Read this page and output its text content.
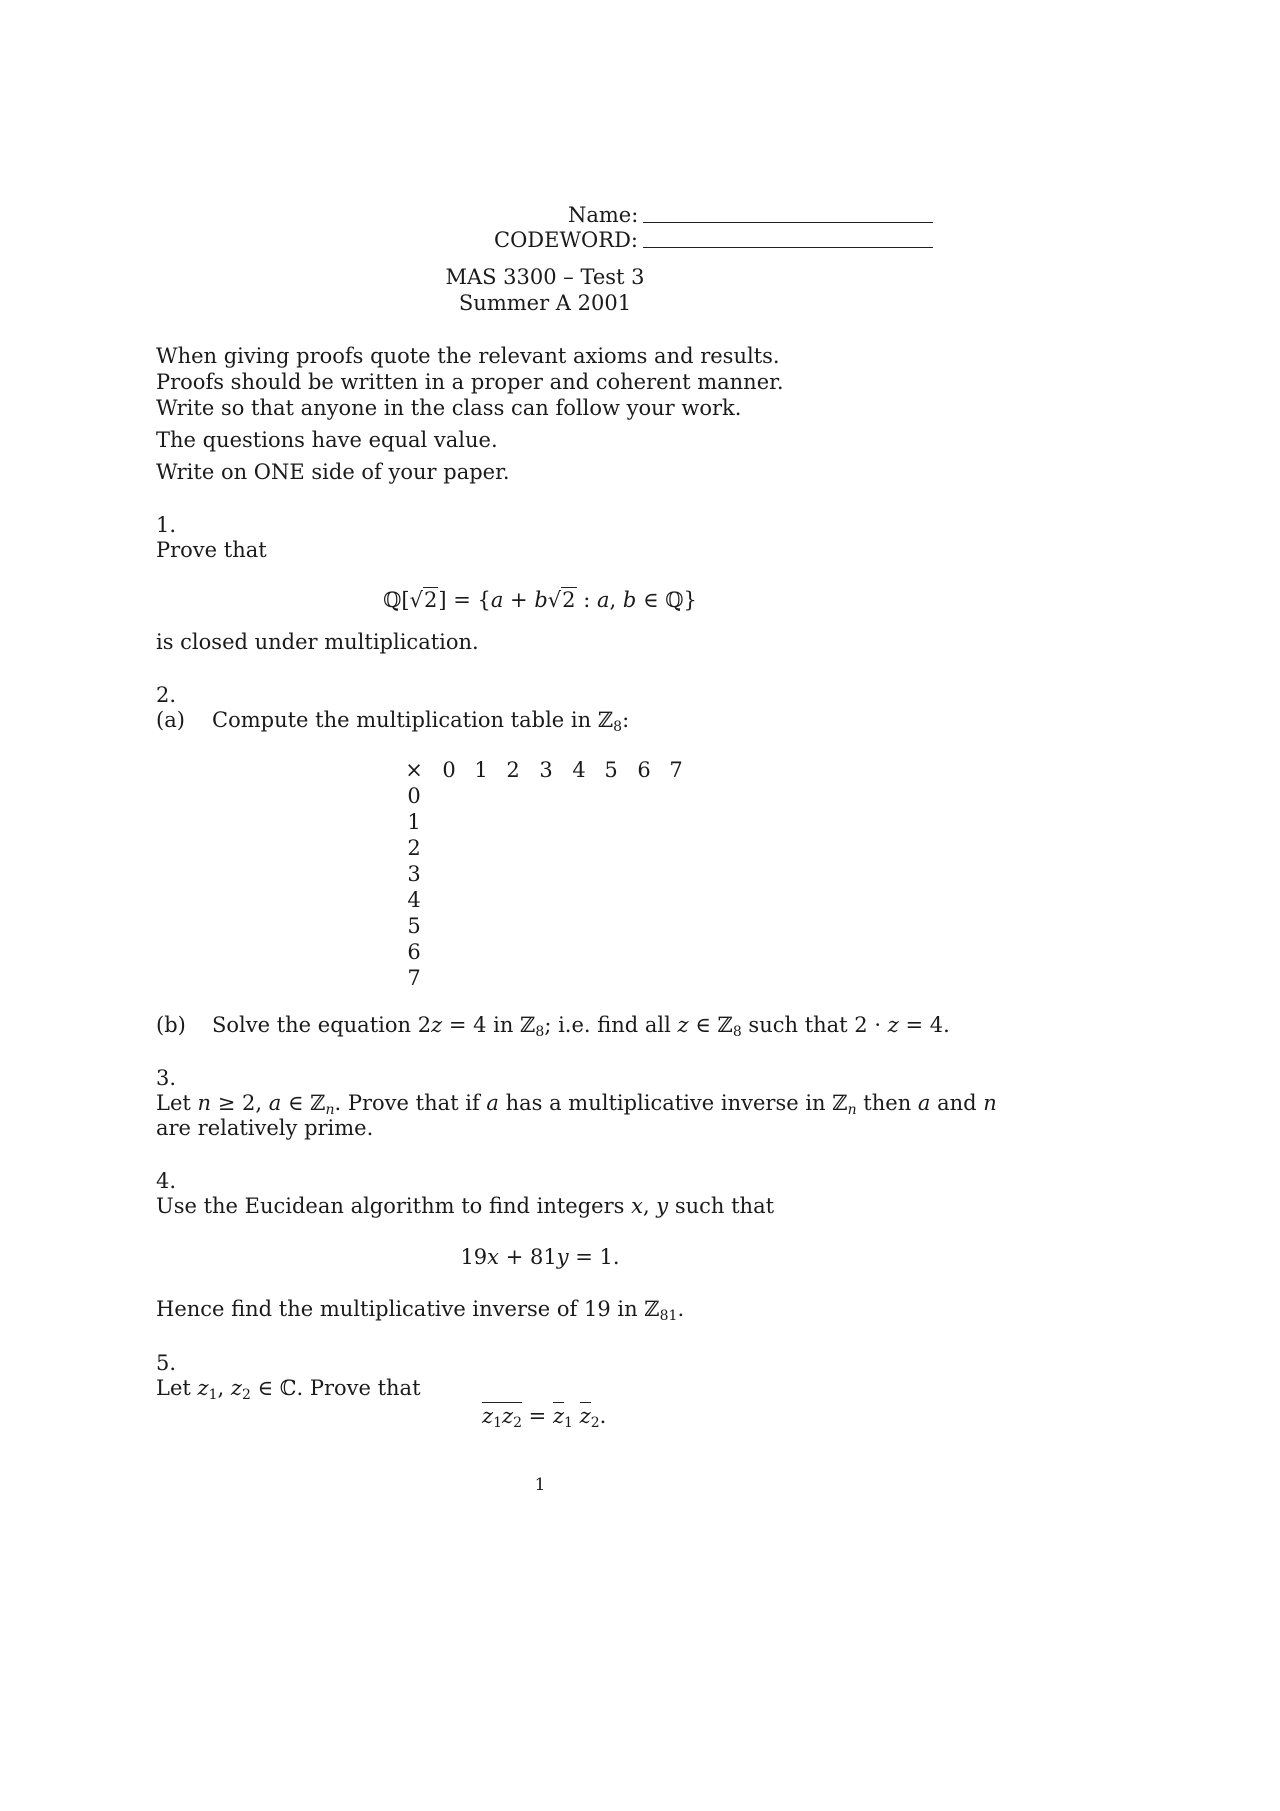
Name:
CODEWORD:
MAS 3300 – Test 3
Summer A 2001
When giving proofs quote the relevant axioms and results.
Proofs should be written in a proper and coherent manner.
Write so that anyone in the class can follow your work.
The questions have equal value.
Write on ONE side of your paper.
1.
Prove that
ℚ[√2] = {a + b√2 : a, b ∈ ℚ}
is closed under multiplication.
2.
(a) Compute the multiplication table in ℤ$_8$:
× 0 1 2 3 4 5 6 7
0
1
2
3
4
5
6
7
(b) Solve the equation 2z = 4 in ℤ$_8$; i.e. find all z ∈ ℤ$_8$ such that 2 · z = 4.
3.
Let n ≥ 2, a ∈ ℤ$_n$. Prove that if a has a multiplicative inverse in ℤ$_n$ then a and n
are relatively prime.
4.
Use the Eucidean algorithm to find integers x, y such that
19x + 81y = 1.
Hence find the multiplicative inverse of 19 in ℤ$_{81}$.
5.
Let $z_1$, $z_2$ ∈ ℂ. Prove that
$z_1z_2 = z_1$ $z_2$.
1
